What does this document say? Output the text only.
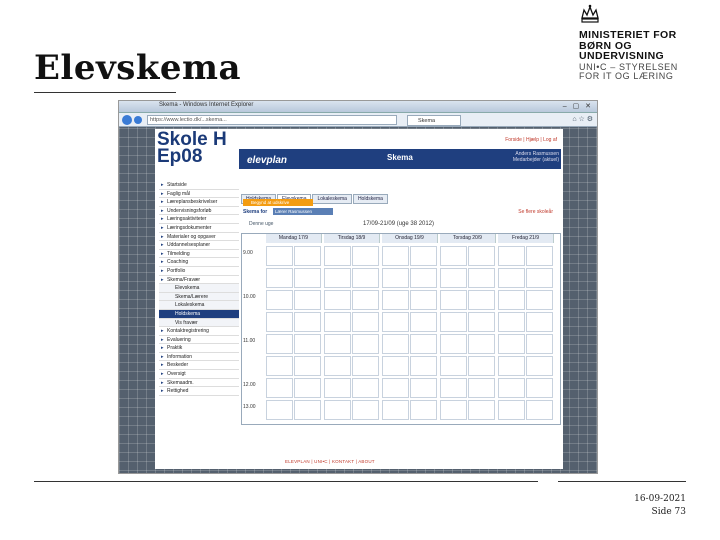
Elevskema
MINISTERIET FOR
BØRN OG
UNDERVISNING
UNI•C – STYRELSEN
FOR IT OG LÆRING
Skema - Windows Internet Explorer	– ▢ ✕
https://www.lectio.dk/...skema...	Skema	⌂ ☆ ⚙
Skole H
Ep08
Forside | Hjælp | Log af
elevplan	Skema	Anders Rasmussen
Medarbejder (aktuel)
▸ Startside
▸ Faglig mål
▸ Læreplansbeskrivelser
▸ Undervisningsforløb
▸ Læringsaktiviteter
▸ Læringsdokumenter
▸ Materialer og opgaver
▸ Uddannelsesplaner
▸ Tilmelding
▸ Coaching
▸ Portfolio
▸ Skema/Fravær
Elevskema
Skema/Lærere
Lokaleskema
Holdskema
Vis fravær
▸ Kontaktregistrering
▸ Evaluering
▸ Praktik
▸ Information
▸ Beskeder
▸ Oversigt
▸ Skemaadm.
▸ Rettighed
Lokaleskema Holdskema
Begynd at udskrive
Skema for	Lærer Rasmussen	Se flere skoleår
Denne uge	17/09-21/09 (uge 38 2012)
Mandag 17/9	Tirsdag 18/9	Onsdag 19/9	Torsdag 20/9	Fredag 21/9
9.00
10.00
11.00
12.00
13.00
ELEVPLAN | UNI•C | KONTAKT | ABOUT
16-09-2021
Side 73
